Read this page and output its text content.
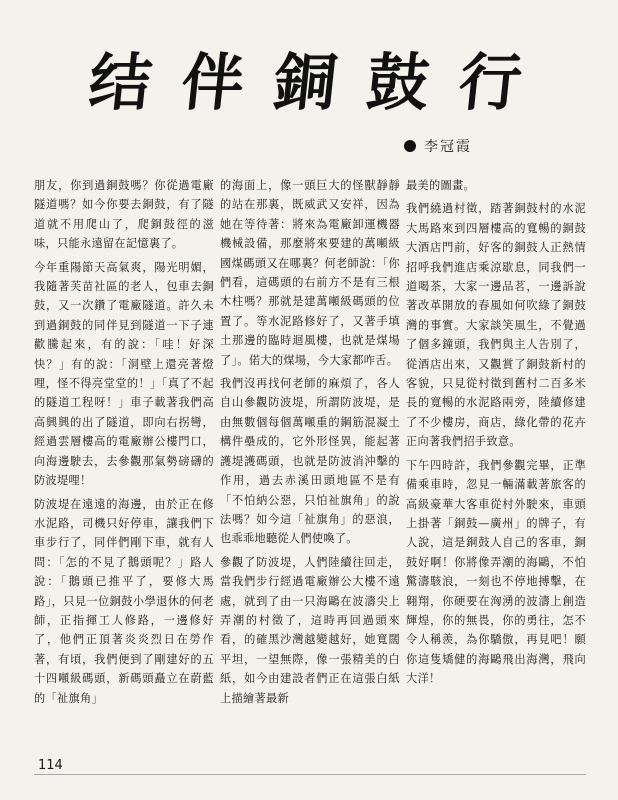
结 伴 銅 鼓 行
李冠霞

朋友，你到過銅鼓嗎？你從過電廠隧道嗎？如今你要去銅鼓，有了隧道就不用爬山了，爬銅鼓徑的滋味，只能永遠留在記憶裏了。

今年重陽節天高氣爽，陽光明媚，我隨著芙苗社區的老人，包車去銅鼓，又一次鑽了電廠隧道。許久未到過銅鼓的同伴見到隧道一下子連歡騰起來，有的說：「哇！好深快？」有的說：「洞壁上還亮著燈哩，怪不得亮堂堂的！」「真了不起的隧道工程呀！」車子載著我們高高興興的出了隧道，即向右拐彎，經過雲層樓高的電廠辦公樓門口，向海邊駛去，去參觀那氣勢磅礴的防波堤哩！

防波堤在遠遠的海邊，由於正在修水泥路，司機只好停車，讓我們下車步行了，同伴們剛下車，就有人問：「怎的不見了鵝頭呢？」路人說：「鵝頭已推平了，要修大馬路」，只見一位銅鼓小學退休的何老師，正指揮工人修路，一邊修好了，他們正頂著炎炎烈日在勞作著，有頃，我們便到了剛建好的五十四噸級碼頭，新碼頭矗立在蔚藍的「祉旗角」

的海面上，像一頭巨大的怪獸靜靜的站在那裏，既威武又安祥，因為她在等待著：將來為電廠卸運機器機械設備，那麼將來要建的萬噸級國煤碼頭又在哪裏？何老師說：「你們看，這碼頭的右前方不是有三根木柱嗎？那就是建萬噸級碼頭的位置了。等水泥路修好了，又著手填土那邊的臨時迴風樓，也就是煤場了」。偌大的煤場，今大家都咋舌。

我們沒再找何老師的麻煩了，各人自山參觀防波堤，所謂防波堤，是由無數個每個萬噸重的鋼筋混凝土構件壘成的，它外形怪異，能起著護堤護碼頭，也就是防波消沖擊的作用，過去赤溪田頭地區不是有「不怕納公惡，只怕祉旗角」的說法嗎？如今這「祉旗角」的惡浪，也乖乖地聽從人們使喚了。

參觀了防波堤，人們陸續往回走，當我們步行經過電廠辦公大樓不遠處，就到了由一只海鷗在波濤尖上弄潮的村徵了，這時再回過頭來看，的確黑沙灣越變越好，她寬闊平坦，一望無際，像一張精美的白紙，如今由建設者們正在這張白紙上描繪著最新

最美的圖畫。

我們繞過村徵，踏著銅鼓村的水泥大馬路來到四層樓高的寬暢的銅鼓大酒店門前，好客的銅鼓人正熱情招呼我們進店乘涼歇息，同我們一道喝茶，大家一邊品茗，一邊訴說著改革開放的春風如何吹綠了銅鼓灣的事實。大家談笑風生，不覺過了個多鐘頭，我們與主人告別了，從酒店出來，又觀賞了銅鼓新村的客貌，只見從村徵到舊村二百多米長的寬暢的水泥路兩旁，陸續修建了不少樓房，商店，綠化帶的花卉正向著我們招手致意。

下午四時許，我們參觀完畢，正準備乘車時，忽見一輛滿載著旅客的高級豪華大客車從村外駛來，車頭上掛著「銅鼓—廣州」的牌子，有人說，這是銅鼓人自己的客車，銅鼓好啊！你將像弄潮的海鷗，不怕驚濤駭浪，一刻也不停地搏擊，在翱翔，你硬要在洶湧的波濤上創造輝煌，你的無畏，你的勇往，怎不令人稱羨，為你驕傲，再見吧！願你這隻矯健的海鷗飛出海灣，飛向大洋！

114
